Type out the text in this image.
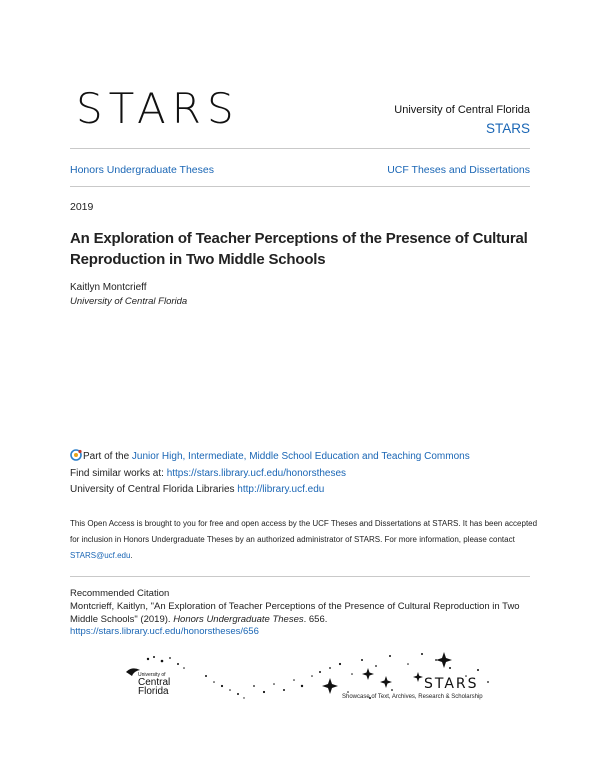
STARS	University of Central Florida
STARS
Honors Undergraduate Theses	UCF Theses and Dissertations
2019
An Exploration of Teacher Perceptions of the Presence of Cultural Reproduction in Two Middle Schools
Kaitlyn Montcrieff
University of Central Florida
Part of the Junior High, Intermediate, Middle School Education and Teaching Commons
Find similar works at: https://stars.library.ucf.edu/honorstheses
University of Central Florida Libraries http://library.ucf.edu
This Open Access is brought to you for free and open access by the UCF Theses and Dissertations at STARS. It has been accepted for inclusion in Honors Undergraduate Theses by an authorized administrator of STARS. For more information, please contact STARS@ucf.edu.
Recommended Citation
Montcrieff, Kaitlyn, "An Exploration of Teacher Perceptions of the Presence of Cultural Reproduction in Two Middle Schools" (2019). Honors Undergraduate Theses. 656.
https://stars.library.ucf.edu/honorstheses/656
University of
Central
Florida	STARS
Showcase of Text, Archives, Research & Scholarship
